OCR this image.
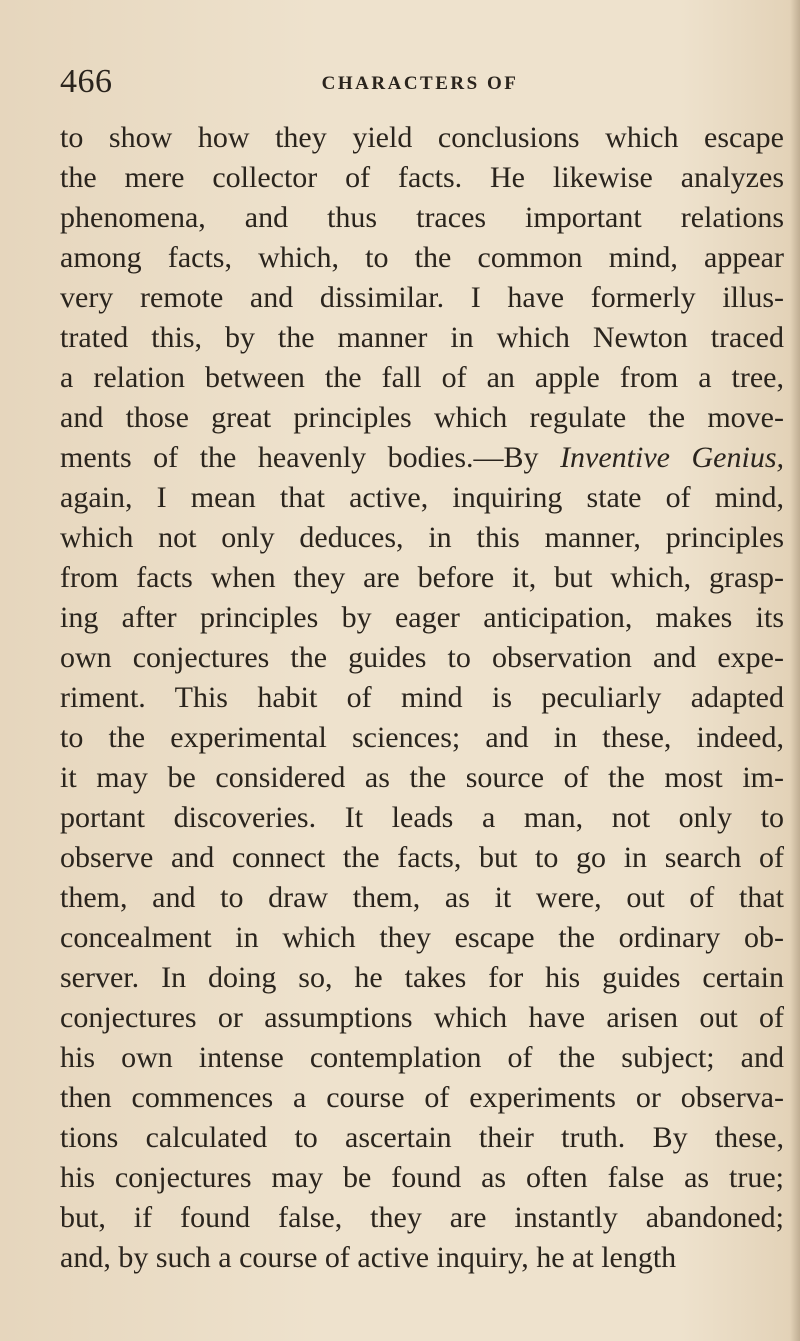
466	CHARACTERS OF
to show how they yield conclusions which escape
the mere collector of facts. He likewise analyzes
phenomena, and thus traces important relations
among facts, which, to the common mind, appear
very remote and dissimilar. I have formerly illus-
trated this, by the manner in which Newton traced
a relation between the fall of an apple from a tree,
and those great principles which regulate the move-
ments of the heavenly bodies.—By Inventive Genius,
again, I mean that active, inquiring state of mind,
which not only deduces, in this manner, principles
from facts when they are before it, but which, grasp-
ing after principles by eager anticipation, makes its
own conjectures the guides to observation and expe-
riment. This habit of mind is peculiarly adapted
to the experimental sciences; and in these, indeed,
it may be considered as the source of the most im-
portant discoveries. It leads a man, not only to
observe and connect the facts, but to go in search of
them, and to draw them, as it were, out of that
concealment in which they escape the ordinary ob-
server. In doing so, he takes for his guides certain
conjectures or assumptions which have arisen out of
his own intense contemplation of the subject; and
then commences a course of experiments or observa-
tions calculated to ascertain their truth. By these,
his conjectures may be found as often false as true;
but, if found false, they are instantly abandoned;
and, by such a course of active inquiry, he at length
